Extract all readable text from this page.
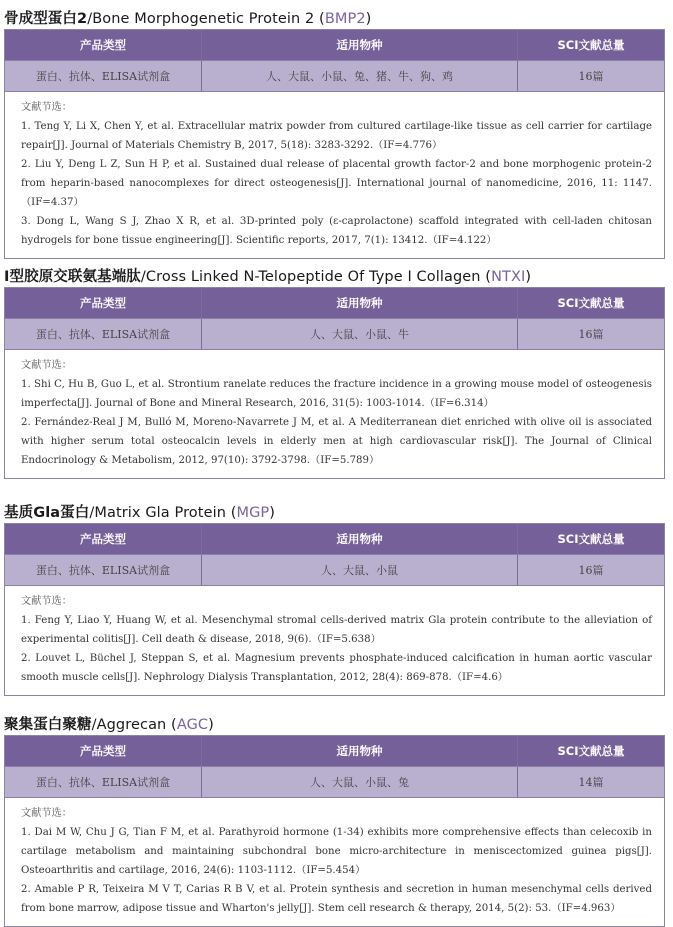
骨成型蛋白2/Bone Morphogenetic Protein 2 (BMP2)
产品类型	适用物种	SCI文献总量
蛋白、抗体、ELISA试剂盒	人、大鼠、小鼠、兔、猪、牛、狗、鸡	16篇

文献节选：

1. Teng Y, Li X, Chen Y, et al. Extracellular matrix powder from cultured cartilage-like tissue as cell carrier for cartilage repair[J]. Journal of Materials Chemistry B, 2017, 5(18): 3283-3292.（IF=4.776）

2. Liu Y, Deng L Z, Sun H P, et al. Sustained dual release of placental growth factor-2 and bone morphogenic protein-2 from heparin-based nanocomplexes for direct osteogenesis[J]. International journal of nanomedicine, 2016, 11: 1147.（IF=4.37）

3. Dong L, Wang S J, Zhao X R, et al. 3D-printed poly (ε-caprolactone) scaffold integrated with cell-laden chitosan hydrogels for bone tissue engineering[J]. Scientific reports, 2017, 7(1): 13412.（IF=4.122）

I型胶原交联氨基端肽/Cross Linked N-Telopeptide Of Type I Collagen (NTXI)
产品类型	适用物种	SCI文献总量
蛋白、抗体、ELISA试剂盒	人、大鼠、小鼠、牛	16篇

文献节选：

1. Shi C, Hu B, Guo L, et al. Strontium ranelate reduces the fracture incidence in a growing mouse model of osteogenesis imperfecta[J]. Journal of Bone and Mineral Research, 2016, 31(5): 1003-1014.（IF=6.314）

2. Fernández-Real J M, Bulló M, Moreno-Navarrete J M, et al. A Mediterranean diet enriched with olive oil is associated with higher serum total osteocalcin levels in elderly men at high cardiovascular risk[J]. The Journal of Clinical Endocrinology & Metabolism, 2012, 97(10): 3792-3798.（IF=5.789）

基质Gla蛋白/Matrix Gla Protein (MGP)
产品类型	适用物种	SCI文献总量
蛋白、抗体、ELISA试剂盒	人、大鼠、小鼠	16篇

文献节选：

1. Feng Y, Liao Y, Huang W, et al. Mesenchymal stromal cells-derived matrix Gla protein contribute to the alleviation of experimental colitis[J]. Cell death & disease, 2018, 9(6).（IF=5.638）

2. Louvet L, Büchel J, Steppan S, et al. Magnesium prevents phosphate-induced calcification in human aortic vascular smooth muscle cells[J]. Nephrology Dialysis Transplantation, 2012, 28(4): 869-878.（IF=4.6）

聚集蛋白聚糖/Aggrecan (AGC)
产品类型	适用物种	SCI文献总量
蛋白、抗体、ELISA试剂盒	人、大鼠、小鼠、兔	14篇

文献节选：

1. Dai M W, Chu J G, Tian F M, et al. Parathyroid hormone (1-34) exhibits more comprehensive effects than celecoxib in cartilage metabolism and maintaining subchondral bone micro-architecture in meniscectomized guinea pigs[J]. Osteoarthritis and cartilage, 2016, 24(6): 1103-1112.（IF=5.454）

2. Amable P R, Teixeira M V T, Carias R B V, et al. Protein synthesis and secretion in human mesenchymal cells derived from bone marrow, adipose tissue and Wharton's jelly[J]. Stem cell research & therapy, 2014, 5(2): 53.（IF=4.963）
